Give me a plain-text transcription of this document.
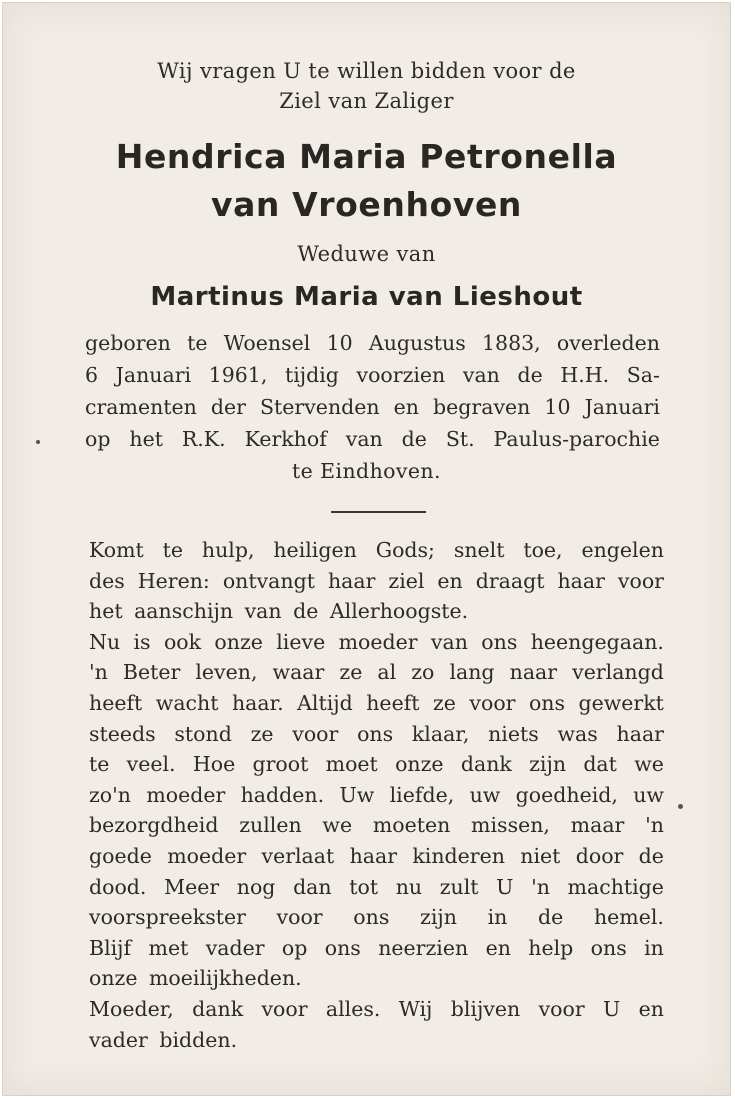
Wij vragen U te willen bidden voor de
Ziel van Zaliger
Hendrica Maria Petronella
van Vroenhoven
Weduwe van
Martinus Maria van Lieshout
geboren te Woensel 10 Augustus 1883, overleden
6 Januari 1961, tijdig voorzien van de H.H. Sa-
cramenten der Stervenden en begraven 10 Januari
op het R.K. Kerkhof van de St. Paulus-parochie
te Eindhoven.
Komt te hulp, heiligen Gods; snelt toe, engelen
des Heren: ontvangt haar ziel en draagt haar voor
het aanschijn van de Allerhoogste.
Nu is ook onze lieve moeder van ons heengegaan.
'n Beter leven, waar ze al zo lang naar verlangd
heeft wacht haar. Altijd heeft ze voor ons gewerkt
steeds stond ze voor ons klaar, niets was haar
te veel. Hoe groot moet onze dank zijn dat we
zo'n moeder hadden. Uw liefde, uw goedheid, uw
bezorgdheid zullen we moeten missen, maar 'n
goede moeder verlaat haar kinderen niet door de
dood. Meer nog dan tot nu zult U 'n machtige
voorspreekster voor ons zijn in de hemel.
Blijf met vader op ons neerzien en help ons in
onze moeilijkheden.
Moeder, dank voor alles. Wij blijven voor U en
vader bidden.
